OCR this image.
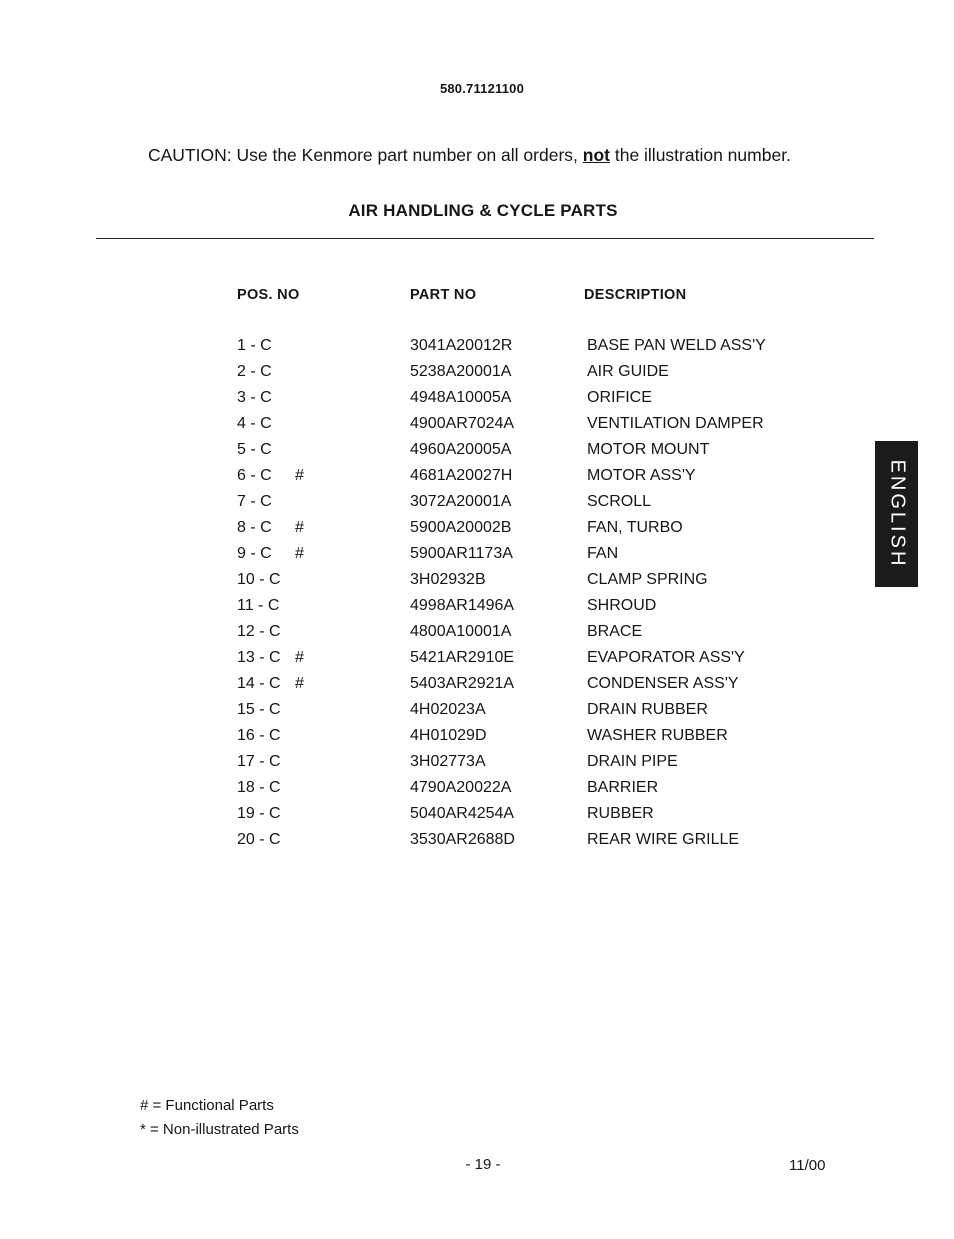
580.71121100
CAUTION: Use the Kenmore part number on all orders, not the illustration number.
AIR HANDLING & CYCLE PARTS
POS. NO	PART NO	DESCRIPTION
1 - C	3041A20012R	BASE PAN WELD ASS'Y
2 - C	5238A20001A	AIR GUIDE
3 - C	4948A10005A	ORIFICE
4 - C	4900AR7024A	VENTILATION DAMPER
5 - C	4960A20005A	MOTOR MOUNT
6 - C #	4681A20027H	MOTOR ASS'Y
7 - C	3072A20001A	SCROLL
8 - C #	5900A20002B	FAN, TURBO
9 - C #	5900AR1173A	FAN
10 - C	3H02932B	CLAMP SPRING
11 - C	4998AR1496A	SHROUD
12 - C	4800A10001A	BRACE
13 - C #	5421AR2910E	EVAPORATOR ASS'Y
14 - C #	5403AR2921A	CONDENSER ASS'Y
15 - C	4H02023A	DRAIN RUBBER
16 - C	4H01029D	WASHER RUBBER
17 - C	3H02773A	DRAIN PIPE
18 - C	4790A20022A	BARRIER
19 - C	5040AR4254A	RUBBER
20 - C	3530AR2688D	REAR WIRE GRILLE
ENGLISH
# = Functional Parts
* = Non-illustrated Parts
- 19 -	11/00
